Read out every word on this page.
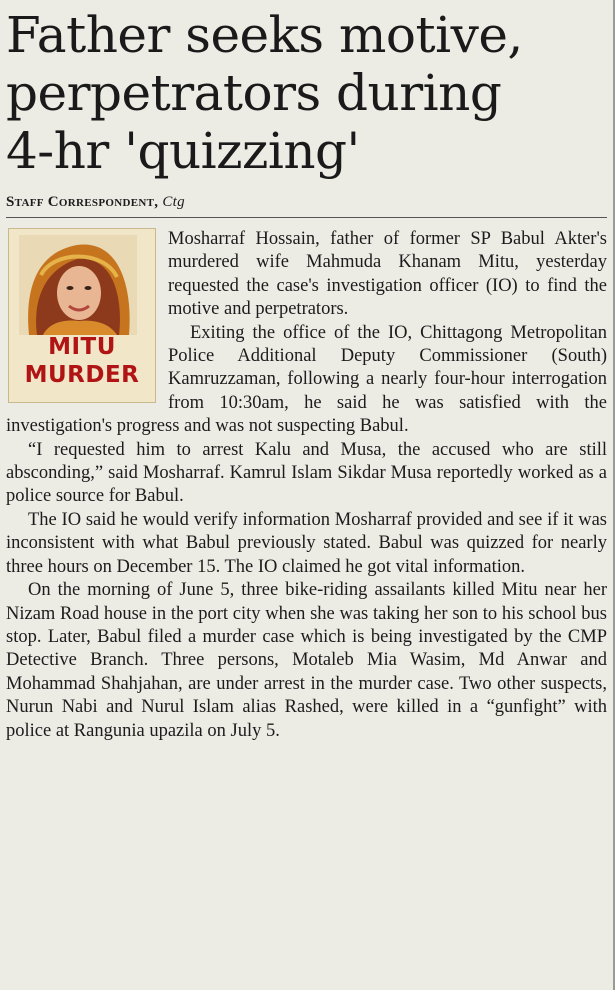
Father seeks motive,
perpetrators during
4-hr 'quizzing'
Staff Correspondent, Ctg
MITU
MURDER

Mosharraf Hossain, father of former SP Babul Akter's murdered wife Mahmuda Khanam Mitu, yesterday requested the case's investigation officer (IO) to find the motive and perpetrators.

Exiting the office of the IO, Chittagong Metropolitan Police Additional Deputy Commissioner (South) Kamruzzaman, following a nearly four-hour interrogation from 10:30am, he said he was satisfied with the investigation's progress and was not suspecting Babul.

“I requested him to arrest Kalu and Musa, the accused who are still absconding,” said Mosharraf. Kamrul Islam Sikdar Musa reportedly worked as a police source for Babul.

The IO said he would verify information Mosharraf provided and see if it was inconsistent with what Babul previously stated. Babul was quizzed for nearly three hours on December 15. The IO claimed he got vital information.

On the morning of June 5, three bike-riding assailants killed Mitu near her Nizam Road house in the port city when she was taking her son to his school bus stop. Later, Babul filed a murder case which is being investigated by the CMP Detective Branch. Three persons, Motaleb Mia Wasim, Md Anwar and Mohammad Shahjahan, are under arrest in the murder case. Two other suspects, Nurun Nabi and Nurul Islam alias Rashed, were killed in a “gunfight” with police at Rangunia upazila on July 5.
